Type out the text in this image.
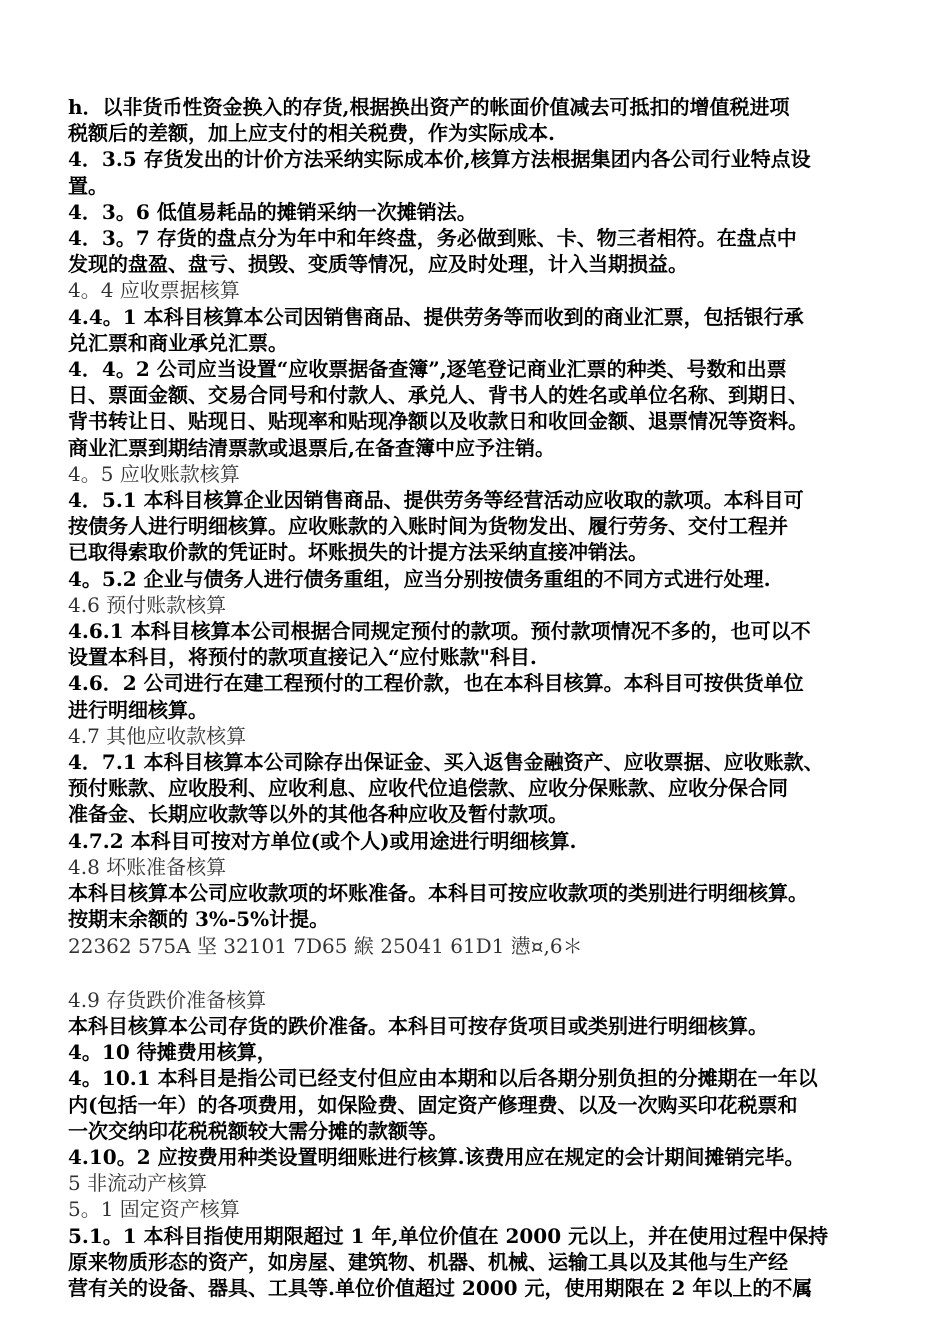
h．以非货币性资金换入的存货,根据换出资产的帐面价值减去可抵扣的增值税进项
税额后的差额，加上应支付的相关税费，作为实际成本.
4．3.5 存货发出的计价方法采纳实际成本价,核算方法根据集团内各公司行业特点设
置。
4．3。6 低值易耗品的摊销采纳一次摊销法。
4．3。7 存货的盘点分为年中和年终盘，务必做到账、卡、物三者相符。在盘点中
发现的盘盈、盘亏、损毁、变质等情况，应及时处理，计入当期损益。
4。4 应收票据核算
4.4。1 本科目核算本公司因销售商品、提供劳务等而收到的商业汇票，包括银行承
兑汇票和商业承兑汇票。
4．4。2 公司应当设置“应收票据备查簿”,逐笔登记商业汇票的种类、号数和出票
日、票面金额、交易合同号和付款人、承兑人、背书人的姓名或单位名称、到期日、
背书转让日、贴现日、贴现率和贴现净额以及收款日和收回金额、退票情况等资料。
商业汇票到期结清票款或退票后,在备查簿中应予注销。
4。5 应收账款核算
4．5.1 本科目核算企业因销售商品、提供劳务等经营活动应收取的款项。本科目可
按债务人进行明细核算。应收账款的入账时间为货物发出、履行劳务、交付工程并
已取得索取价款的凭证时。坏账损失的计提方法采纳直接冲销法。
4。5.2 企业与债务人进行债务重组，应当分别按债务重组的不同方式进行处理.
4.6 预付账款核算
4.6.1 本科目核算本公司根据合同规定预付的款项。预付款项情况不多的，也可以不
设置本科目，将预付的款项直接记入“应付账款"科目.
4.6．2 公司进行在建工程预付的工程价款，也在本科目核算。本科目可按供货单位
进行明细核算。
4.7 其他应收款核算
4．7.1 本科目核算本公司除存出保证金、买入返售金融资产、应收票据、应收账款、
预付账款、应收股利、应收利息、应收代位追偿款、应收分保账款、应收分保合同
准备金、长期应收款等以外的其他各种应收及暂付款项。
4.7.2 本科目可按对方单位(或个人)或用途进行明细核算.
4.8 坏账准备核算
本科目核算本公司应收款项的坏账准备。本科目可按应收款项的类别进行明细核算。
按期末余额的 3%-5%计提。
22362 575A 坚 32101 7D65 緱 25041 61D1 懑¤,6＊
4.9 存货跌价准备核算
本科目核算本公司存货的跌价准备。本科目可按存货项目或类别进行明细核算。
4。10 待摊费用核算，
4。10.1 本科目是指公司已经支付但应由本期和以后各期分别负担的分摊期在一年以
内(包括一年）的各项费用，如保险费、固定资产修理费、以及一次购买印花税票和
一次交纳印花税税额较大需分摊的款额等。
4.10。2 应按费用种类设置明细账进行核算.该费用应在规定的会计期间摊销完毕。
5 非流动产核算
5。1 固定资产核算
5.1。1 本科目指使用期限超过 1 年,单位价值在 2000 元以上，并在使用过程中保持
原来物质形态的资产，如房屋、建筑物、机器、机械、运输工具以及其他与生产经
营有关的设备、器具、工具等.单位价值超过 2000 元，使用期限在 2 年以上的不属
